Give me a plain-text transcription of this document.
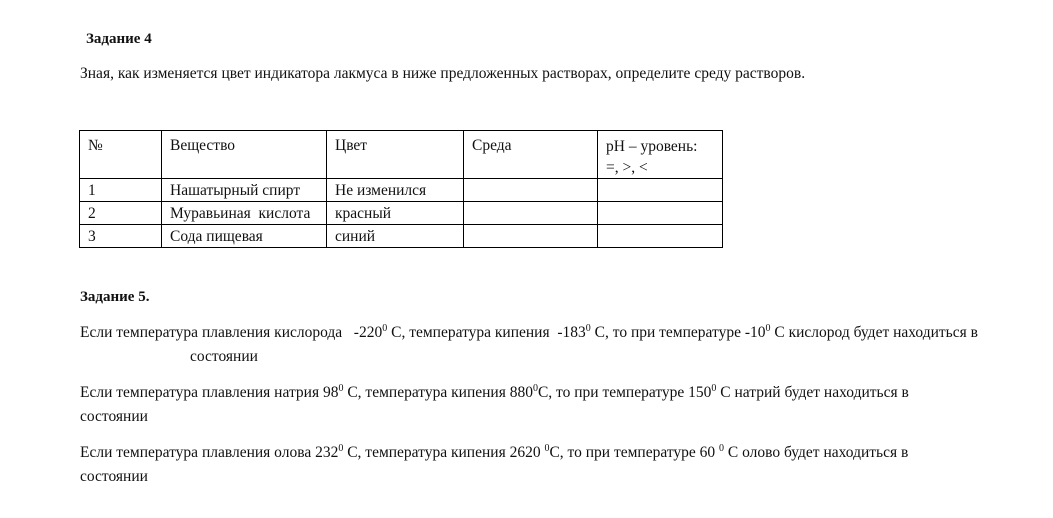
Задание 4
Зная, как изменяется цвет индикатора лакмуса в ниже предложенных растворах, определите среду растворов.
№	Вещество	Цвет	Среда	pH – уровень:
=, >, <
1	Нашатырный спирт	Не изменился		
2	Муравьиная  кислота	красный		
3	Сода пищевая	синий		
Задание 5.
Если температура плавления кислорода   $-220^0$ С, температура кипения  $-183^0$ С, то при температуре $-10^0$ С кислород будет находиться всостоянии
Если температура плавления натрия $98^0$ С, температура кипения $880^0С$, то при температуре $150^0$ С натрий будет находиться в состоянии
Если температура плавления олова $232^0$ С, температура кипения 2620 $^0$С, то при температуре 60 $^0$ С олово будет находиться в состоянии
